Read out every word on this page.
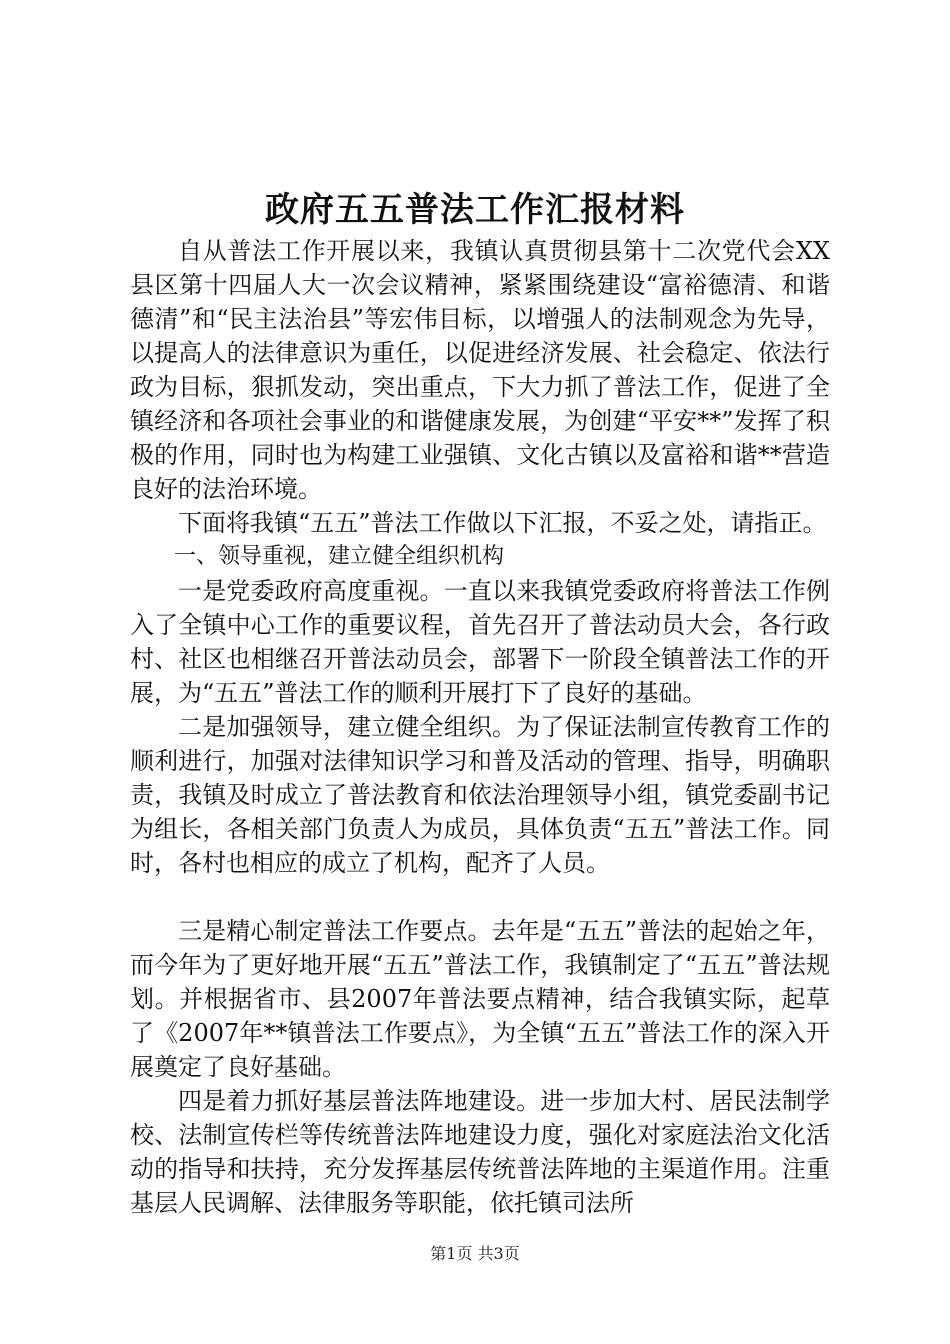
政府五五普法工作汇报材料

自从普法工作开展以来，我镇认真贯彻县第十二次党代会XX县区第十四届人大一次会议精神，紧紧围绕建设“富裕德清、和谐德清”和“民主法治县”等宏伟目标，以增强人的法制观念为先导，以提高人的法律意识为重任，以促进经济发展、社会稳定、依法行政为目标，狠抓发动，突出重点，下大力抓了普法工作，促进了全镇经济和各项社会事业的和谐健康发展，为创建“平安**”发挥了积极的作用，同时也为构建工业强镇、文化古镇以及富裕和谐**营造良好的法治环境。

下面将我镇“五五”普法工作做以下汇报，不妥之处，请指正。

一、领导重视，建立健全组织机构

一是党委政府高度重视。一直以来我镇党委政府将普法工作例入了全镇中心工作的重要议程，首先召开了普法动员大会，各行政村、社区也相继召开普法动员会，部署下一阶段全镇普法工作的开展，为“五五”普法工作的顺利开展打下了良好的基础。

二是加强领导，建立健全组织。为了保证法制宣传教育工作的顺利进行，加强对法律知识学习和普及活动的管理、指导，明确职责，我镇及时成立了普法教育和依法治理领导小组，镇党委副书记为组长，各相关部门负责人为成员，具体负责“五五”普法工作。同时，各村也相应的成立了机构，配齐了人员。

三是精心制定普法工作要点。去年是“五五”普法的起始之年，而今年为了更好地开展“五五”普法工作，我镇制定了“五五”普法规划。并根据省市、县2007年普法要点精神，结合我镇实际，起草了《2007年**镇普法工作要点》，为全镇“五五”普法工作的深入开展奠定了良好基础。

四是着力抓好基层普法阵地建设。进一步加大村、居民法制学校、法制宣传栏等传统普法阵地建设力度，强化对家庭法治文化活动的指导和扶持，充分发挥基层传统普法阵地的主渠道作用。注重基层人民调解、法律服务等职能，依托镇司法所

第1页 共3页
